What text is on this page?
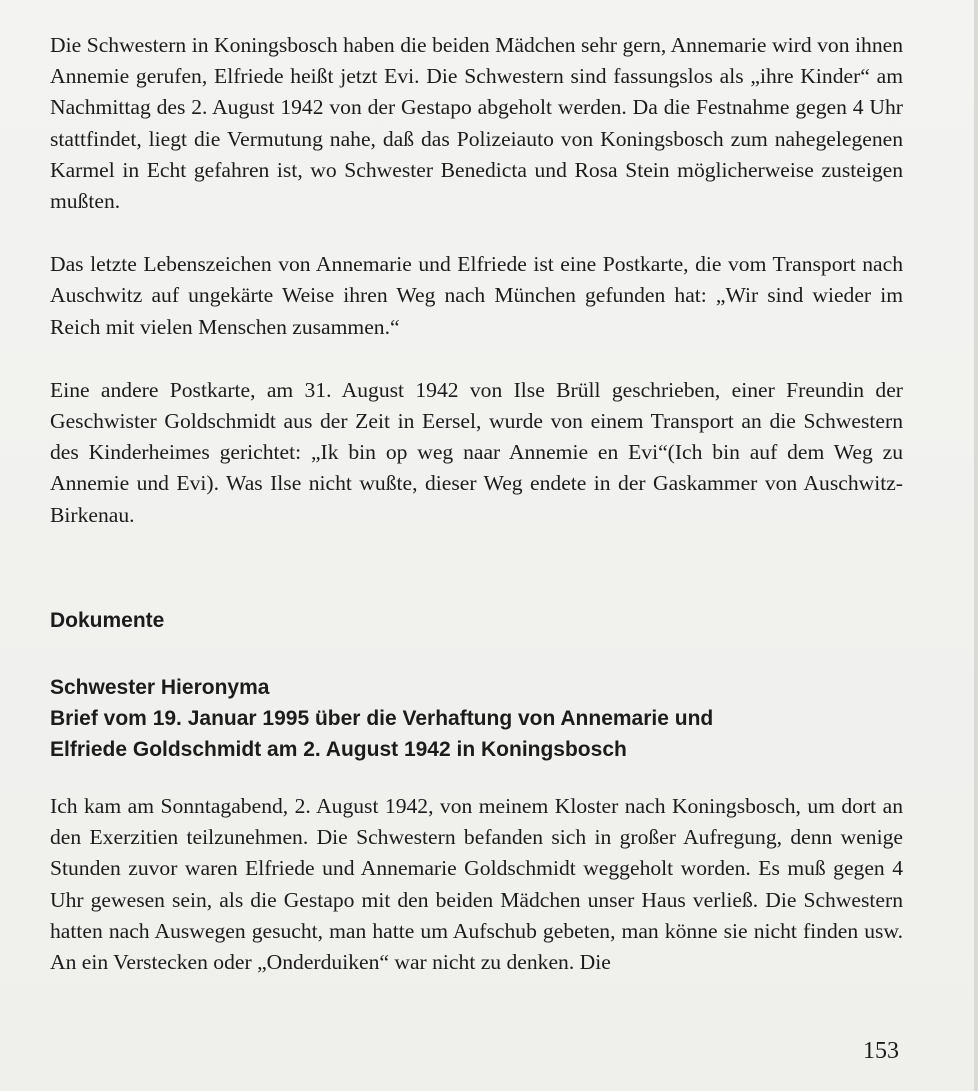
Die Schwestern in Koningsbosch haben die beiden Mädchen sehr gern, Annemarie wird von ihnen Annemie gerufen, Elfriede heißt jetzt Evi. Die Schwestern sind fassungslos als „ihre Kinder“ am Nachmittag des 2. August 1942 von der Gestapo abgeholt werden. Da die Festnahme gegen 4 Uhr stattfindet, liegt die Vermutung nahe, daß das Polizeiauto von Koningsbosch zum nahegelegenen Karmel in Echt gefahren ist, wo Schwester Benedicta und Rosa Stein möglicherweise zusteigen mußten.

Das letzte Lebenszeichen von Annemarie und Elfriede ist eine Postkarte, die vom Transport nach Auschwitz auf ungekärte Weise ihren Weg nach München gefunden hat: „Wir sind wieder im Reich mit vielen Menschen zusammen.“

Eine andere Postkarte, am 31. August 1942 von Ilse Brüll geschrieben, einer Freundin der Geschwister Goldschmidt aus der Zeit in Eersel, wurde von einem Transport an die Schwestern des Kinderheimes gerichtet: „Ik bin op weg naar Annemie en Evi“(Ich bin auf dem Weg zu Annemie und Evi). Was Ilse nicht wußte, dieser Weg endete in der Gaskammer von Auschwitz-Birkenau.

Dokumente
Schwester Hieronyma
Brief vom 19. Januar 1995 über die Verhaftung von Annemarie und
Elfriede Goldschmidt am 2. August 1942 in Koningsbosch

Ich kam am Sonntagabend, 2. August 1942, von meinem Kloster nach Koningsbosch, um dort an den Exerzitien teilzunehmen. Die Schwestern befanden sich in großer Aufregung, denn wenige Stunden zuvor waren Elfriede und Annemarie Goldschmidt weggeholt worden. Es muß gegen 4 Uhr gewesen sein, als die Gestapo mit den beiden Mädchen unser Haus verließ. Die Schwestern hatten nach Auswegen gesucht, man hatte um Aufschub gebeten, man könne sie nicht finden usw. An ein Verstecken oder „Onderduiken“ war nicht zu denken. Die

153
